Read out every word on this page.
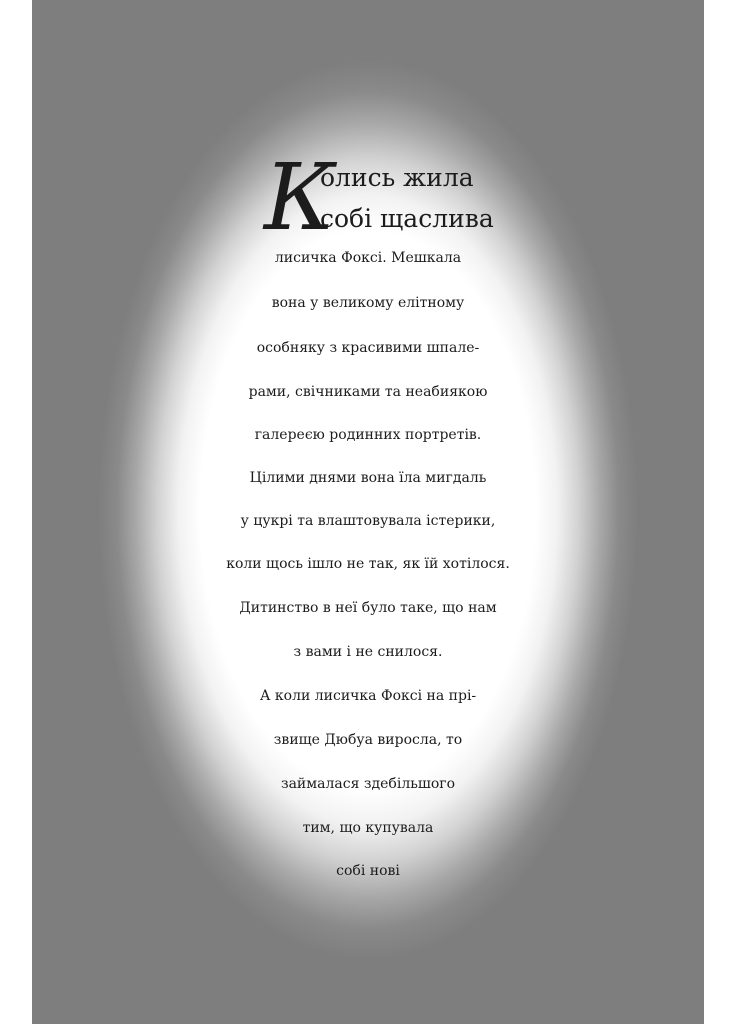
К
олись жила
собі щаслива
лисичка Фоксі. Мешкала
вона у великому елітному
особняку з красивими шпале-
рами, свічниками та неабиякою
галереєю родинних портретів.
Цілими днями вона їла мигдаль
у цукрі та влаштовувала істерики,
коли щось ішло не так, як їй хотілося.
Дитинство в неї було таке, що нам
з вами і не снилося.
А коли лисичка Фоксі на прі-
звище Дюбуа виросла, то
займалася здебільшого
тим, що купувала
собі нові
